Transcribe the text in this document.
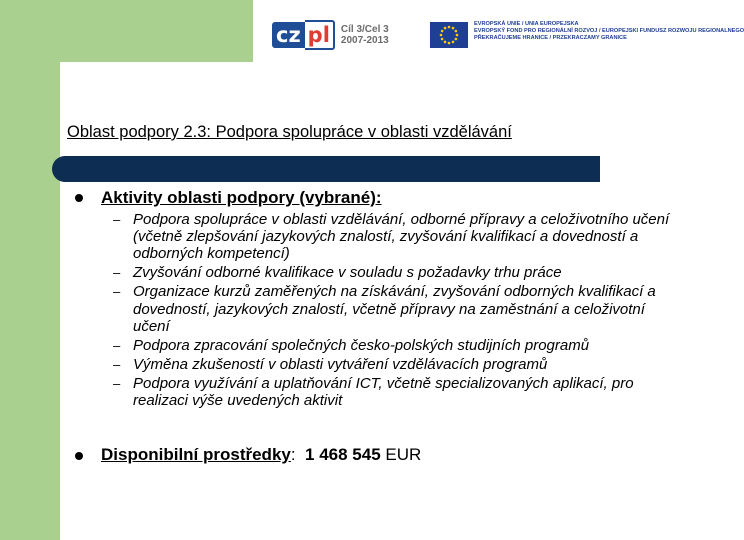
cz pl	Cíl 3/Cel 3
2007-2013
EVROPSKÁ UNIE / UNIA EUROPEJSKA
EVROPSKÝ FOND PRO REGIONÁLNÍ ROZVOJ / EUROPEJSKI FUNDUSZ ROZWOJU REGIONALNEGO
PŘEKRAČUJEME HRANICE / PRZEKRACZAMY GRANICE
Oblast podpory 2.3: Podpora spolupráce v oblasti vzdělávání
Aktivity oblasti podpory (vybrané):
– Podpora spolupráce v oblasti vzdělávání, odborné přípravy a celoživotního učení (včetně zlepšování jazykových znalostí, zvyšování kvalifikací a dovedností a odborných kompetencí)
– Zvyšování odborné kvalifikace v souladu s požadavky trhu práce
– Organizace kurzů zaměřených na získávání, zvyšování odborných kvalifikací a dovedností, jazykových znalostí, včetně přípravy na zaměstnání a celoživotní učení
– Podpora zpracování společných česko-polských studijních programů
– Výměna zkušeností v oblasti vytváření vzdělávacích programů
– Podpora využívání a uplatňování ICT, včetně specializovaných aplikací, pro realizaci výše uvedených aktivit
Disponibilní prostředky: 1 468 545 EUR
